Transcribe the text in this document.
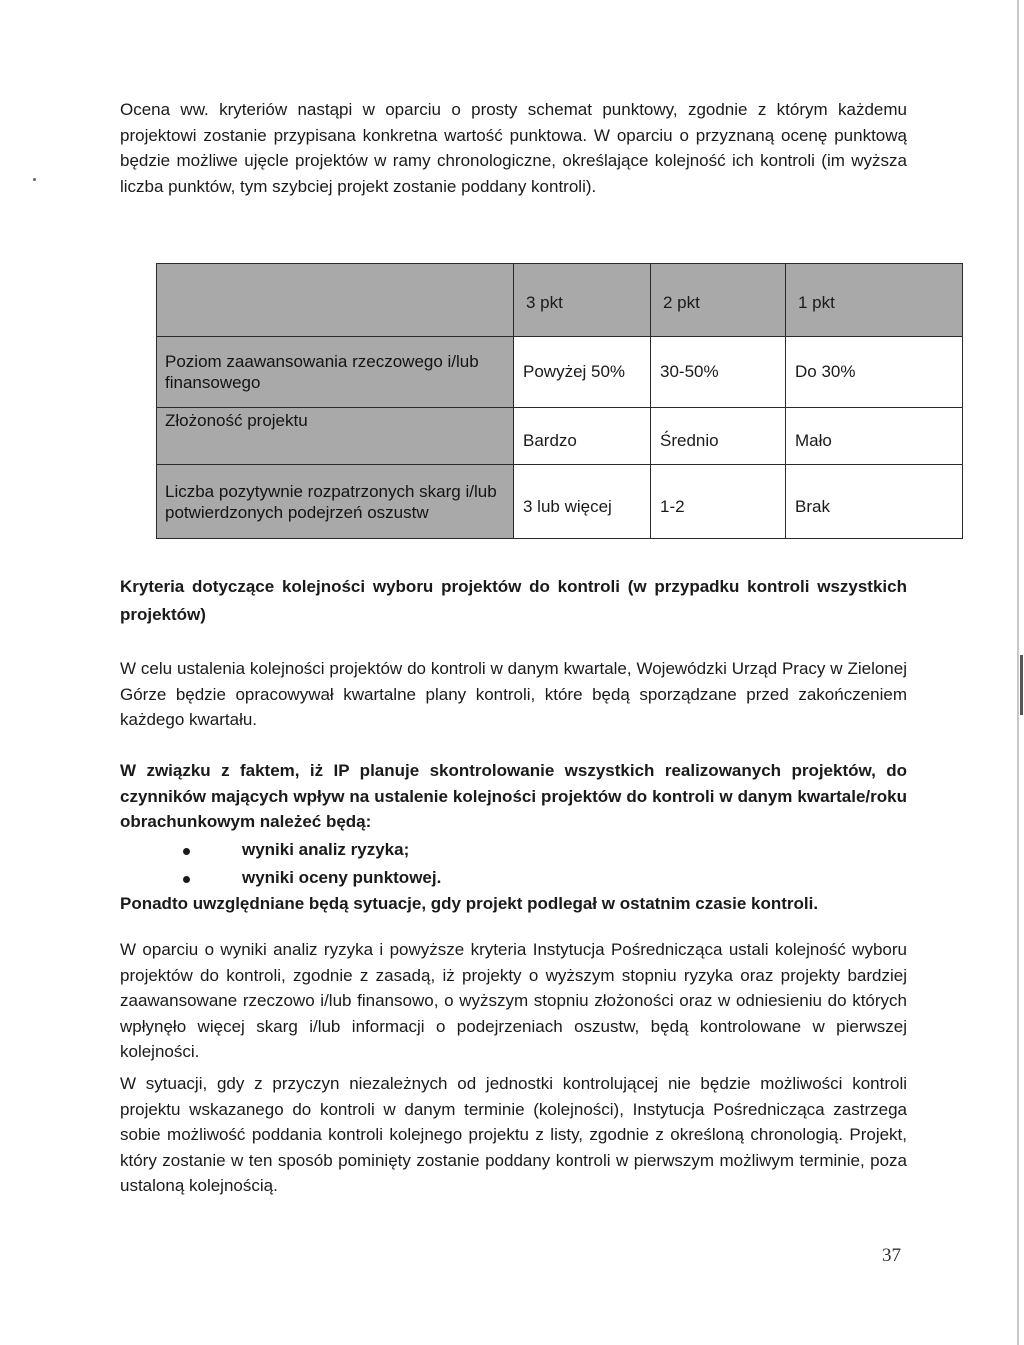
Ocena ww. kryteriów nastąpi w oparciu o prosty schemat punktowy, zgodnie z którym każdemu projektowi zostanie przypisana konkretna wartość punktowa. W oparciu o przyznaną ocenę punktową będzie możliwe ujęcle projektów w ramy chronologiczne, określające kolejność ich kontroli (im wyższa liczba punktów, tym szybciej projekt zostanie poddany kontroli).

	3 pkt	2 pkt	1 pkt
Poziom zaawansowania rzeczowego i/lub finansowego	Powyżej 50%	30-50%	Do 30%
Złożoność projektu	Bardzo	Średnio	Mało
Liczba pozytywnie rozpatrzonych skarg i/lub potwierdzonych podejrzeń oszustw	3 lub więcej	1-2	Brak

Kryteria dotyczące kolejności wyboru projektów do kontroli (w przypadku kontroli wszystkich projektów)

W celu ustalenia kolejności projektów do kontroli w danym kwartale, Wojewódzki Urząd Pracy w Zielonej Górze będzie opracowywał kwartalne plany kontroli, które będą sporządzane przed zakończeniem każdego kwartału.

W związku z faktem, iż IP planuje skontrolowanie wszystkich realizowanych projektów, do czynników mających wpływ na ustalenie kolejności projektów do kontroli w danym kwartale/roku obrachunkowym należeć będą:

wyniki analiz ryzyka;
wyniki oceny punktowej.

Ponadto uwzględniane będą sytuacje, gdy projekt podlegał w ostatnim czasie kontroli.

W oparciu o wyniki analiz ryzyka i powyższe kryteria Instytucja Pośrednicząca ustali kolejność wyboru projektów do kontroli, zgodnie z zasadą, iż projekty o wyższym stopniu ryzyka oraz projekty bardziej zaawansowane rzeczowo i/lub finansowo, o wyższym stopniu złożoności oraz w odniesieniu do których wpłynęło więcej skarg i/lub informacji o podejrzeniach oszustw, będą kontrolowane w pierwszej kolejności.

W sytuacji, gdy z przyczyn niezależnych od jednostki kontrolującej nie będzie możliwości kontroli projektu wskazanego do kontroli w danym terminie (kolejności), Instytucja Pośrednicząca zastrzega sobie możliwość poddania kontroli kolejnego projektu z listy, zgodnie z określoną chronologią. Projekt, który zostanie w ten sposób pominięty zostanie poddany kontroli w pierwszym możliwym terminie, poza ustaloną kolejnością.

37
